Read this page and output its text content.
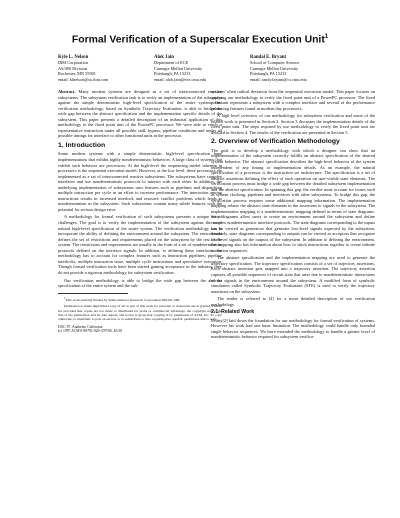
Formal Verification of a Superscalar Execution Unit$^1$
Kyle L. Nelson
IBM Corporation
AS/400 Division
Rochester, MN 55901
email: klnelson@us.ibm.com
Alok Jain
Department of ECE
Carnegie Mellon University
Pittsburgh, PA 15213
email: alok.jain@ece.cmu.edu
Randal E. Bryant
School of Computer Science
Carnegie Mellon University
Pittsburgh, PA 15213
email: randy.bryant@cs.cmu.edu

Abstract. Many modern systems are designed as a set of interconnected reactive subsystems. The subsystem verification task is to verify an implementation of the subsystem against the simple deterministic high-level specification of the entire system. Our verification methodology, based on Symbolic Trajectory Evaluation, is able to bridge the wide gap between the abstract specification and the implementation specific details of the subsystem. This paper presents a detailed description of an industrial application of this methodology to the fixed point unit of the PowerPC processor. We were able to verify a representative instruction under all possible stall, bypass, pipeline conditions and under all possible timings for interface to other functional units in the processor.

1. Introduction

Some modern systems with a simple deterministic high-level specification have implementations that exhibit highly nondeterministic behaviors. A large class of systems that exhibit such behavior are processors. At the high-level the sequencing model inherent in processors is the sequential execution model. However, at the low level, these processors are implemented as a set of interconnected reactive subsystems. The subsystems have complex interfaces and use nondeterministic protocols to interact with each other. In addition, the underlying implementation of subsystems uses features such as pipelines and dispatching multiple instruction per cycle in an effort to increase performance. The interaction among instructions results in increased interlock and resource conflict problems which leads to nondeterminism in the subsystem. Such subsystems contain many subtle features with the potential for serious design error.

A methodology for formal verification of such subsystems presents a unique set of challenges. The goal is to verify the implementation of the subsystem against the more natural high-level specification of the entire system. The verification methodology has to incorporate the ability of defining the environment around the subsystem. The environment defines the set of restrictions and requirements placed on the subsystem by the rest of the system. The restrictions and requirements are usually in the form of a set of nondeterministic protocols defined on the interface signals. In addition, to defining these interfaces, the methodology has to account for complex features such as instruction pipelines, pipeline interlocks, multiple instruction issue, multiple cycle instructions and speculative execution. Though formal verification tools have been started gaining acceptance in the industry, they do not provide a rigorous methodology for subsystem verification.

Our verification methodology is able to bridge the wide gap between the abstract specification of the entire system and the sub-

$^1$This work partially funded by Semiconductor Research Corporation #96-DC-068

Permission to make digital/hard copy of all or part of this work for personal or classroom use is granted without fee provided that copies are not made or distributed for profit or commercial advantage, the copyright notice, the title of the publication and its date appear, and notice is given that copying is by permission of ACM, Inc. To copy otherwise, to republish, to post on servers or to redistribute to lists, requires prior specific permission and/or a fee.

DAC 97, Anaheim, California
(c) 1997 ACM 0-89791-920-3/97/06..$3.50

systems' often radical deviation from the sequential execution model. This paper focuses on applying our methodology to verify the fixed point unit of a PowerPC processor. The fixed point unit represents a subsystem with a complex interface and several of the performance enhancing features found in modern day processors.

A high level overview of our methodology for subsystem verification and some of the related work is presented in Section 2. Section 3 discusses the implementation details of the fixed point unit. The steps required by our methodology to verify the fixed point unit are detailed in Section 4. The results of the verification are presented in Section 5.

2. Overview of Verification Methodology

The goal is to develop a methodology with which a designer can show that an implementation of the subsystem correctly fulfills an abstract specification of the desired system behavior. The abstract specification describes the high-level behavior of the system independent of any timing or implementation details. As an example, the natural specification of a processor is the instruction set architecture. The specification is a set of abstract assertions defining the effect of each operation on user-visible state elements. The verification process must bridge a wide gap between the detailed subsystem implementation and the abstract specification. In spanning this gap, the verifier must account for issues such as system clocking, pipelines and interfaces with other subsystems. To bridge this gap, the verification process requires some additional mapping information. The implementation mapping relates the abstract state elements in the assertions to signals in the subsystem. The implementation mapping is a nondeterministic mapping defined in terms of state diagrams. State diagrams allow users to create an environment around the subsystem and define complex nondeterministic interface protocols. The state diagrams corresponding to the inputs can be viewed as generators that generate low-level signals expected by the subsystem. Similarly, state diagrams corresponding to outputs can be viewed as acceptors that recognize low-level signals on the outputs of the subsystem. In addition to defining the environment, the mapping also has information about how to stitch instructions together to create infinite execution sequences.

The abstract specification and the implementation mapping are used to generate the trajectory specification. The trajectory specification consists of a set of trajectory assertions. Each abstract assertion gets mapped into a trajectory assertion. The trajectory assertion captures all possible sequences of circuit state that arise due to nondeterministic interactions of the signals in the environment around the subsystem. A modified form of symbolic simulation called Symbolic Trajectory Evaluation (STE) is used to verify the trajectory assertions on the subsystem.

The reader is referred to [4] for a more detailed description of our verification methodology.

2.1. Related Work

Beatty[2] laid down the foundation for our methodology for formal verification of systems. However his work had one basic limitation. The methodology could handle only bounded single behavior sequences. We have extended the methodology to handle a greater level of nondeterministic behavior required for subsystem verifica-
